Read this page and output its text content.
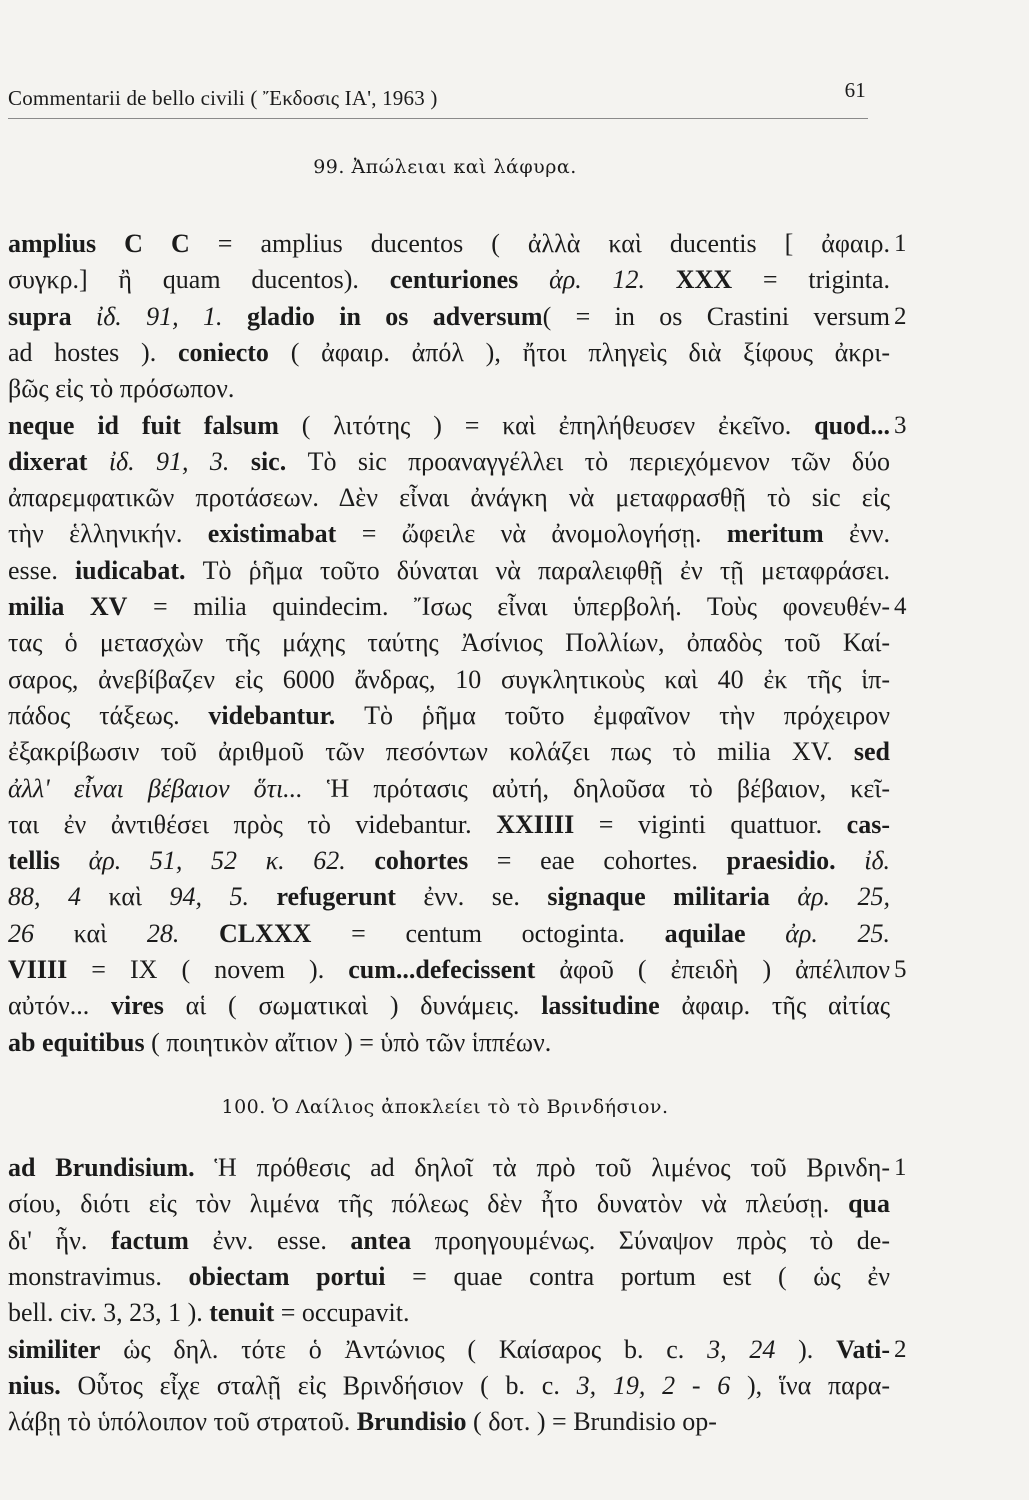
Commentarii de bello civili ( Ἔκδοσις ΙΑ', 1963 )	61
99. Ἀπώλειαι καὶ λάφυρα.
amplius C C = amplius ducentos ( ἀλλὰ καὶ ducentis [ ἀφαιρ.
συγκρ.] ἢ quam ducentos). centuriones ἀρ. 12. XXX = triginta.
supra ἰδ. 91, 1. gladio in os adversum( = in os Crastini versum
ad hostes ). coniecto ( ἀφαιρ. ἀπόλ ), ἤτοι πληγεὶς διὰ ξίφους ἀκρι-
βῶς εἰς τὸ πρόσωπον.
neque id fuit falsum ( λιτότης ) = καὶ ἐπηλήθευσεν ἐκεῖνο. quod...
dixerat ἰδ. 91, 3. sic. Τὸ sic προαναγγέλλει τὸ περιεχόμενον τῶν δύο
ἀπαρεμφατικῶν προτάσεων. Δὲν εἶναι ἀνάγκη νὰ μεταφρασθῇ τὸ sic εἰς
τὴν ἑλληνικήν. existimabat = ὤφειλε νὰ ἀνομολογήσῃ. meritum ἐνν.
esse. iudicabat. Τὸ ῥῆμα τοῦτο δύναται νὰ παραλειφθῇ ἐν τῇ μεταφράσει.
milia XV = milia quindecim. Ἴσως εἶναι ὑπερβολή. Τοὺς φονευθέν-
τας ὁ μετασχὼν τῆς μάχης ταύτης Ἀσίνιος Πολλίων, ὀπαδὸς τοῦ Καί-
σαρος, ἀνεβίβαζεν εἰς 6000 ἄνδρας, 10 συγκλητικοὺς καὶ 40 ἐκ τῆς ἱπ-
πάδος τάξεως. videbantur. Τὸ ῥῆμα τοῦτο ἐμφαῖνον τὴν πρόχειρον
ἐξακρίβωσιν τοῦ ἀριθμοῦ τῶν πεσόντων κολάζει πως τὸ milia XV. sed
ἀλλ' εἶναι βέβαιον ὅτι... Ἡ πρότασις αὐτή, δηλοῦσα τὸ βέβαιον, κεῖ-
ται ἐν ἀντιθέσει πρὸς τὸ videbantur. XXIIII = viginti quattuor. cas-
tellis ἀρ. 51, 52 κ. 62. cohortes = eae cohortes. praesidio. ἰδ.
88, 4 καὶ 94, 5. refugerunt ἐνν. se. signaque militaria ἀρ. 25,
26 καὶ 28. CLXXX = centum octoginta. aquilae ἀρ. 25.
VIIII = IX ( novem ). cum...defecissent ἀφοῦ ( ἐπειδὴ ) ἀπέλιπον
αὐτόν... vires αἱ ( σωματικαὶ ) δυνάμεις. lassitudine ἀφαιρ. τῆς αἰτίας
ab equitibus ( ποιητικὸν αἴτιον ) = ὑπὸ τῶν ἱππέων.
1
2
3
4
5
100. Ὁ Λαίλιος ἀποκλείει τὸ τὸ Βρινδήσιον.
ad Brundisium. Ἡ πρόθεσις ad δηλοῖ τὰ πρὸ τοῦ λιμένος τοῦ Βρινδη-
σίου, διότι εἰς τὸν λιμένα τῆς πόλεως δὲν ἦτο δυνατὸν νὰ πλεύσῃ. qua
δι' ἧν. factum ἐνν. esse. antea προηγουμένως. Σύναψον πρὸς τὸ de-
monstravimus. obiectam portui = quae contra portum est ( ὡς ἐν
bell. civ. 3, 23, 1 ). tenuit = occupavit.
similiter ὡς δηλ. τότε ὁ Ἀντώνιος ( Καίσαρος b. c. 3, 24 ). Vati-
nius. Οὗτος εἶχε σταλῇ εἰς Βρινδήσιον ( b. c. 3, 19, 2 - 6 ), ἵνα παρα-
λάβῃ τὸ ὑπόλοιπον τοῦ στρατοῦ. Brundisio ( δοτ. ) = Brundisio op-
1
2
